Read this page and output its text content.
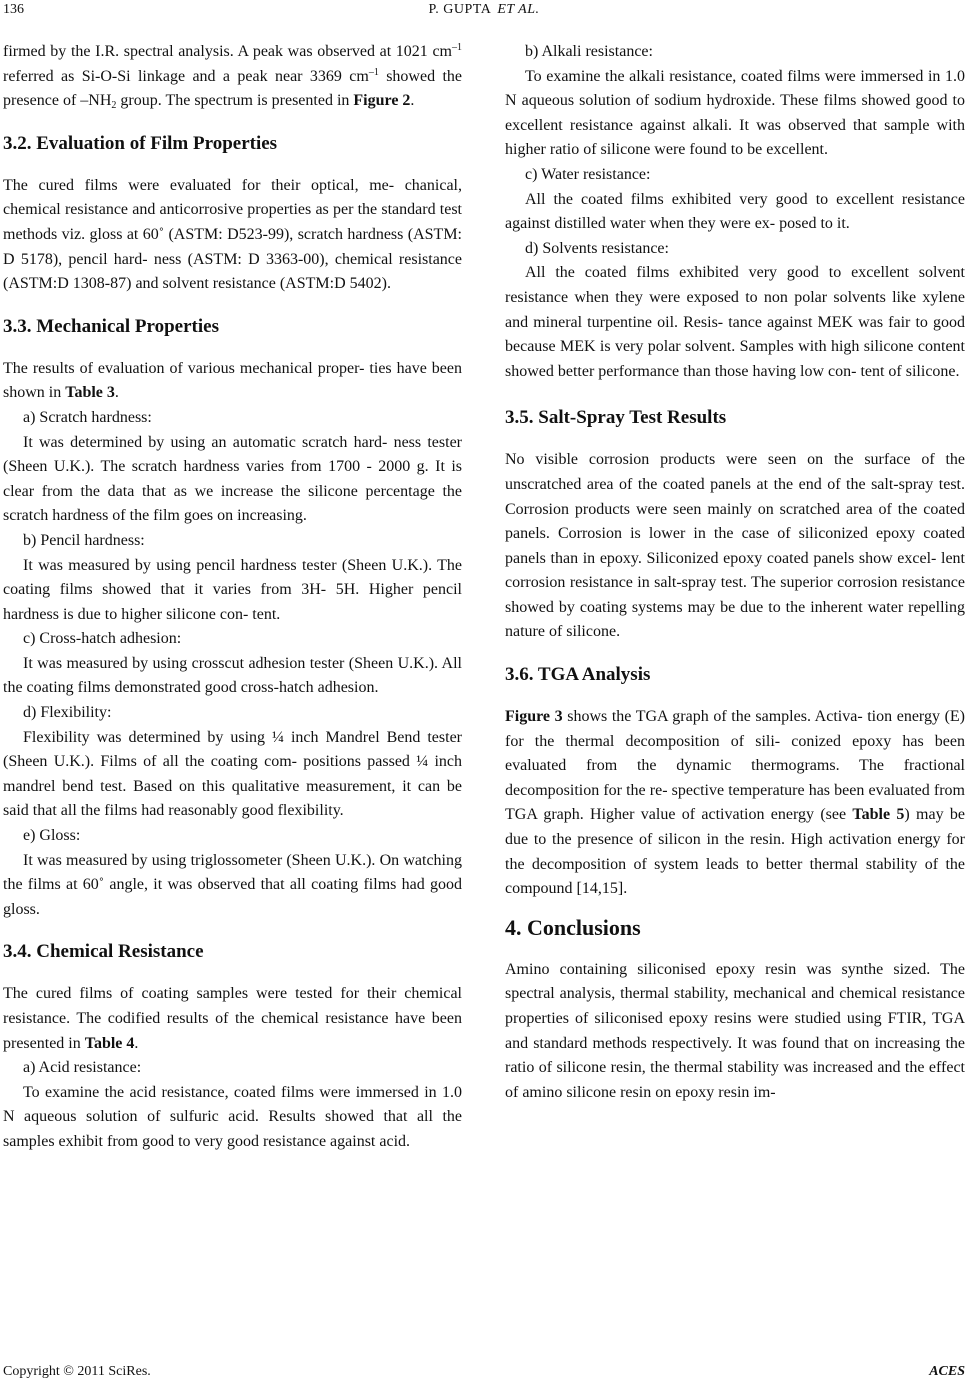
136	P. GUPTA ET AL.

firmed by the I.R. spectral analysis. A peak was observed at 1021 $cm^{-1}$ referred as Si-O-Si linkage and a peak near 3369 $cm^{-1}$ showed the presence of $-NH_2$ group. The spectrum is presented in Figure 2.

3.2. Evaluation of Film Properties

The cured films were evaluated for their optical, me- chanical, chemical resistance and anticorrosive properties as per the standard test methods viz. gloss at 60˚ (ASTM: D523-99), scratch hardness (ASTM: D 5178), pencil hard- ness (ASTM: D 3363-00), chemical resistance (ASTM:D 1308-87) and solvent resistance (ASTM:D 5402).

3.3. Mechanical Properties

The results of evaluation of various mechanical proper- ties have been shown in Table 3.

a) Scratch hardness:

It was determined by using an automatic scratch hard- ness tester (Sheen U.K.). The scratch hardness varies from 1700 - 2000 g. It is clear from the data that as we increase the silicone percentage the scratch hardness of the film goes on increasing.

b) Pencil hardness:

It was measured by using pencil hardness tester (Sheen U.K.). The coating films showed that it varies from 3H- 5H. Higher pencil hardness is due to higher silicone con- tent.

c) Cross-hatch adhesion:

It was measured by using crosscut adhesion tester (Sheen U.K.). All the coating films demonstrated good cross-hatch adhesion.

d) Flexibility:

Flexibility was determined by using ¼ inch Mandrel Bend tester (Sheen U.K.). Films of all the coating com- positions passed ¼ inch mandrel bend test. Based on this qualitative measurement, it can be said that all the films had reasonably good flexibility.

e) Gloss:

It was measured by using triglossometer (Sheen U.K.). On watching the films at 60˚ angle, it was observed that all coating films had good gloss.

3.4. Chemical Resistance

The cured films of coating samples were tested for their chemical resistance. The codified results of the chemical resistance have been presented in Table 4.

a) Acid resistance:

To examine the acid resistance, coated films were immersed in 1.0 N aqueous solution of sulfuric acid. Results showed that all the samples exhibit from good to very good resistance against acid.

b) Alkali resistance:

To examine the alkali resistance, coated films were immersed in 1.0 N aqueous solution of sodium hydroxide. These films showed good to excellent resistance against alkali. It was observed that sample with higher ratio of silicone were found to be excellent.

c) Water resistance:

All the coated films exhibited very good to excellent resistance against distilled water when they were ex- posed to it.

d) Solvents resistance:

All the coated films exhibited very good to excellent solvent resistance when they were exposed to non polar solvents like xylene and mineral turpentine oil. Resis- tance against MEK was fair to good because MEK is very polar solvent. Samples with high silicone content showed better performance than those having low con- tent of silicone.

3.5. Salt-Spray Test Results

No visible corrosion products were seen on the surface of the unscratched area of the coated panels at the end of the salt-spray test. Corrosion products were seen mainly on scratched area of the coated panels. Corrosion is lower in the case of siliconized epoxy coated panels than in epoxy. Siliconized epoxy coated panels show excel- lent corrosion resistance in salt-spray test. The superior corrosion resistance showed by coating systems may be due to the inherent water repelling nature of silicone.

3.6. TGA Analysis

Figure 3 shows the TGA graph of the samples. Activa- tion energy (E) for the thermal decomposition of sili- conized epoxy has been evaluated from the dynamic thermograms. The fractional decomposition for the re- spective temperature has been evaluated from TGA graph. Higher value of activation energy (see Table 5) may be due to the presence of silicon in the resin. High activation energy for the decomposition of system leads to better thermal stability of the compound [14,15].

4. Conclusions

Amino containing siliconised epoxy resin was synthe sized. The spectral analysis, thermal stability, mechanical and chemical resistance properties of siliconised epoxy resins were studied using FTIR, TGA and standard methods respectively. It was found that on increasing the ratio of silicone resin, the thermal stability was increased and the effect of amino silicone resin on epoxy resin im-

Copyright © 2011 SciRes.	ACES
